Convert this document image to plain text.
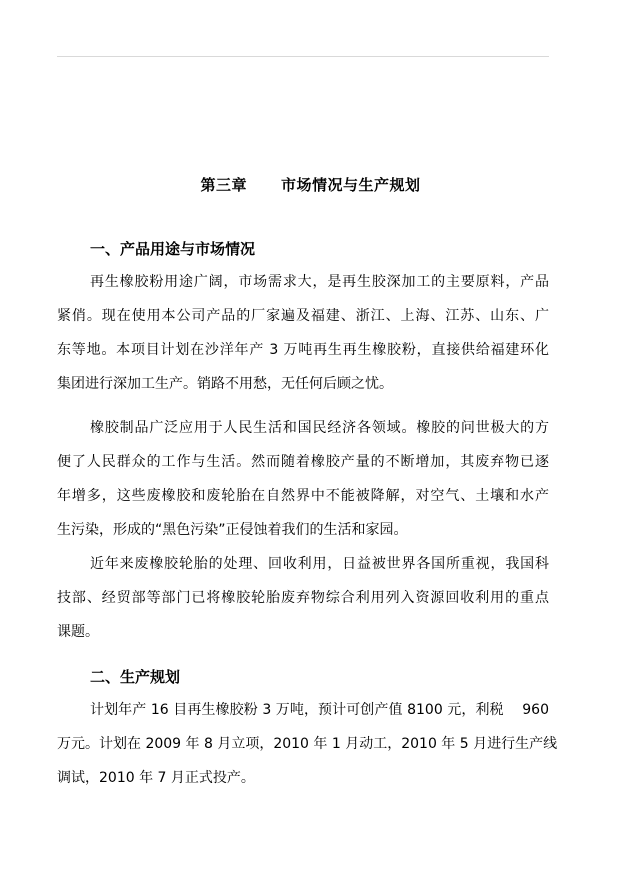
第三章 市场情况与生产规划
一、产品用途与市场情况
再生橡胶粉用途广阔，市场需求大，是再生胶深加工的主要原料，产品
紧俏。现在使用本公司产品的厂家遍及福建、浙江、上海、江苏、山东、广
东等地。本项目计划在沙洋年产 3 万吨再生再生橡胶粉，直接供给福建环化
集团进行深加工生产。销路不用愁，无任何后顾之忧。
橡胶制品广泛应用于人民生活和国民经济各领域。橡胶的问世极大的方
便了人民群众的工作与生活。然而随着橡胶产量的不断增加，其废弃物已逐
年增多，这些废橡胶和废轮胎在自然界中不能被降解，对空气、土壤和水产
生污染，形成的“黑色污染”正侵蚀着我们的生活和家园。
近年来废橡胶轮胎的处理、回收利用，日益被世界各国所重视，我国科
技部、经贸部等部门已将橡胶轮胎废弃物综合利用列入资源回收利用的重点
课题。
二、生产规划
计划年产 16 目再生橡胶粉 3 万吨，预计可创产值 8100 元，利税　 960
万元。计划在 2009 年 8 月立项，2010 年 1 月动工，2010 年 5 月进行生产线
调试，2010 年 7 月正式投产。
